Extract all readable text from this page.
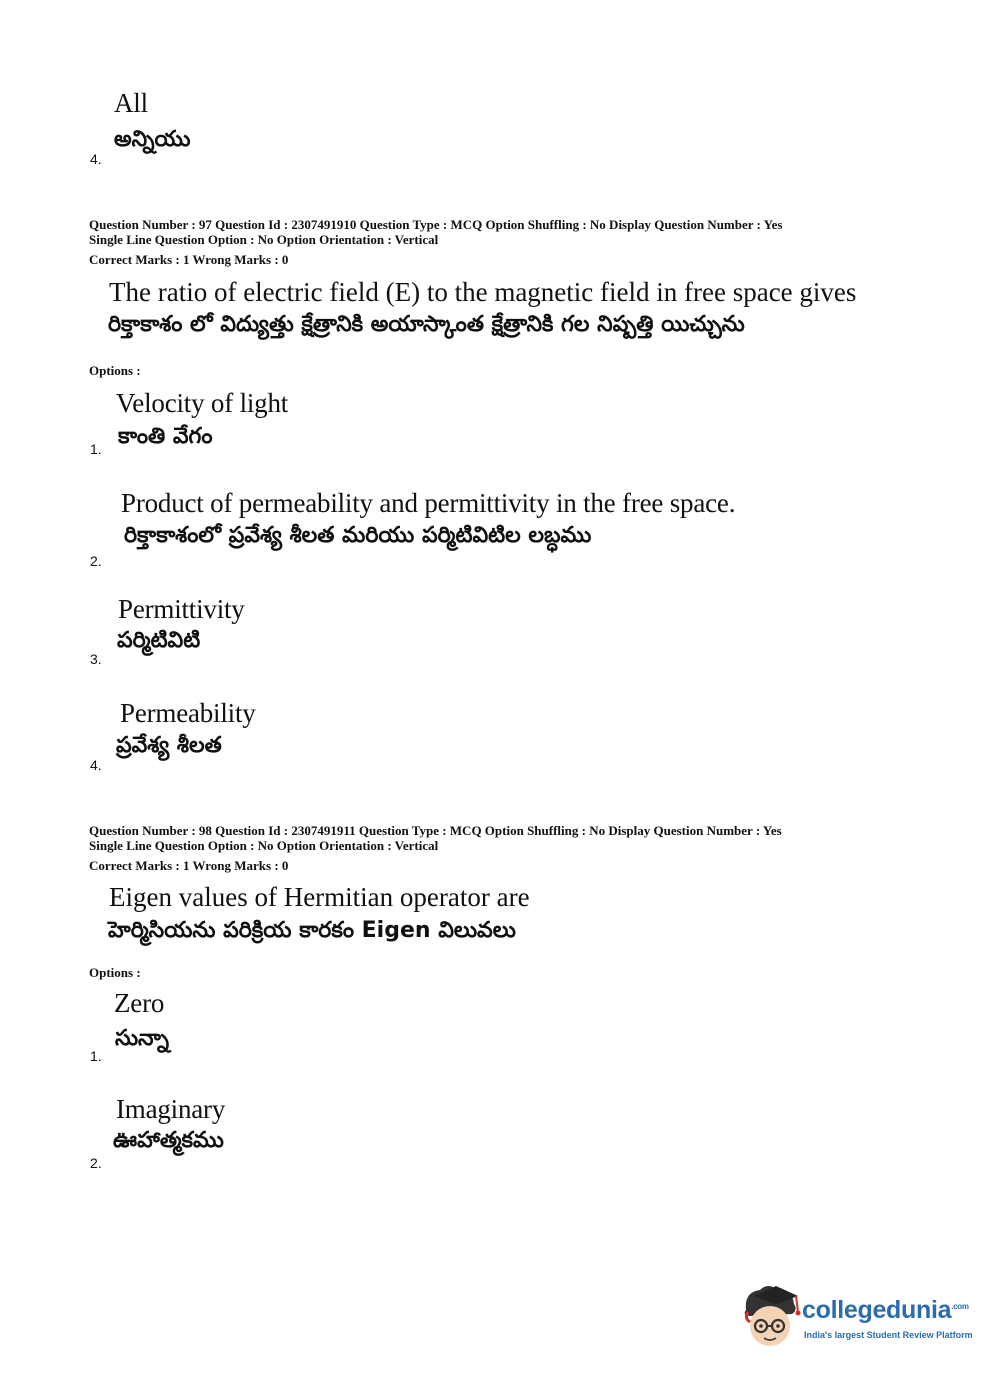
All
అన్నియు
4.
Question Number : 97 Question Id : 2307491910 Question Type : MCQ Option Shuffling : No Display Question Number : Yes
Single Line Question Option : No Option Orientation : Vertical
Correct Marks : 1 Wrong Marks : 0
The ratio of electric field (E) to the magnetic field in free space gives
రిక్తాకాశం లో విద్యుత్తు క్షేత్రానికి అయాస్కాంత క్షేత్రానికి గల నిష్పత్తి యిచ్చును
Options :
Velocity of light
కాంతి వేగం
1.
Product of permeability and permittivity in the free space.
రిక్తాకాశంలో ప్రవేశ్య శీలత మరియు పర్మిటివిటిల లబ్ధము
2.
Permittivity
పర్మిటివిటి
3.
Permeability
ప్రవేశ్య శీలత
4.
Question Number : 98 Question Id : 2307491911 Question Type : MCQ Option Shuffling : No Display Question Number : Yes
Single Line Question Option : No Option Orientation : Vertical
Correct Marks : 1 Wrong Marks : 0
Eigen values of Hermitian operator are
హెర్మిసియను పరిక్రియ కారకం Eigen విలువలు
Options :
Zero
సున్నా
1.
Imaginary
ఊహాత్మకము
2.
collegedunia$^{.com}$
India's largest Student Review Platform
